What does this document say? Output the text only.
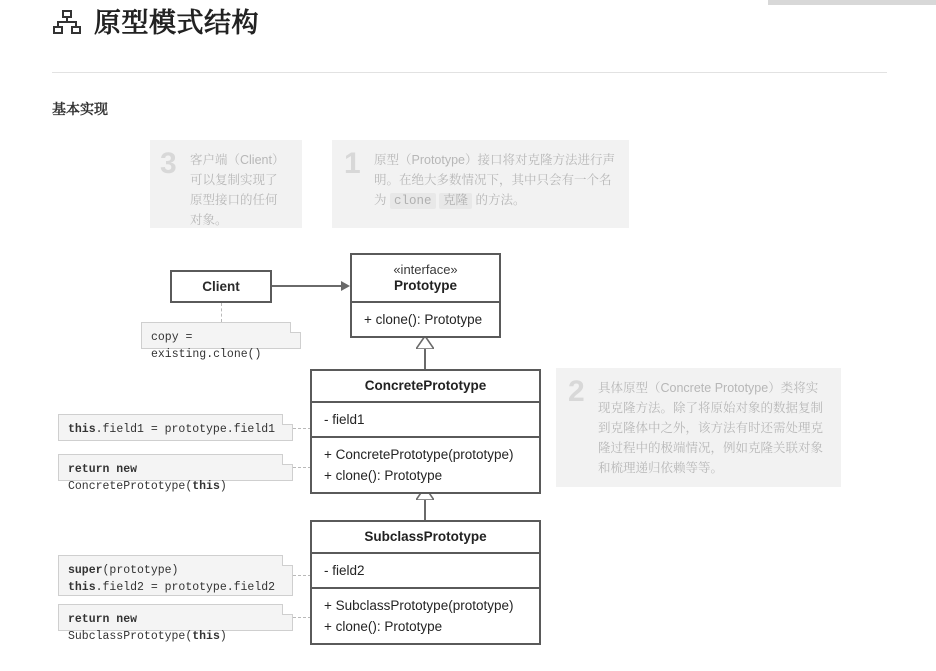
原型模式结构
基本实现
3 客户端（Client）可以复制实现了原型接口的任何对象。
1 原型（Prototype）接口将对克隆方法进行声明。在绝大多数情况下，其中只会有一个名为 clone 克隆 的方法。
2 具体原型（Concrete Prototype）类将实现克隆方法。除了将原始对象的数据复制到克隆体中之外，该方法有时还需处理克隆过程中的极端情况，例如克隆关联对象和梳理递归依赖等等。
Client
«interface»
Prototype
+ clone(): Prototype
ConcretePrototype
- field1
+ ConcretePrototype(prototype)
+ clone(): Prototype
SubclassPrototype
- field2
+ SubclassPrototype(prototype)
+ clone(): Prototype
copy = existing.clone()
this.field1 = prototype.field1
return new ConcretePrototype(this)
super(prototype)
this.field2 = prototype.field2
return new SubclassPrototype(this)
